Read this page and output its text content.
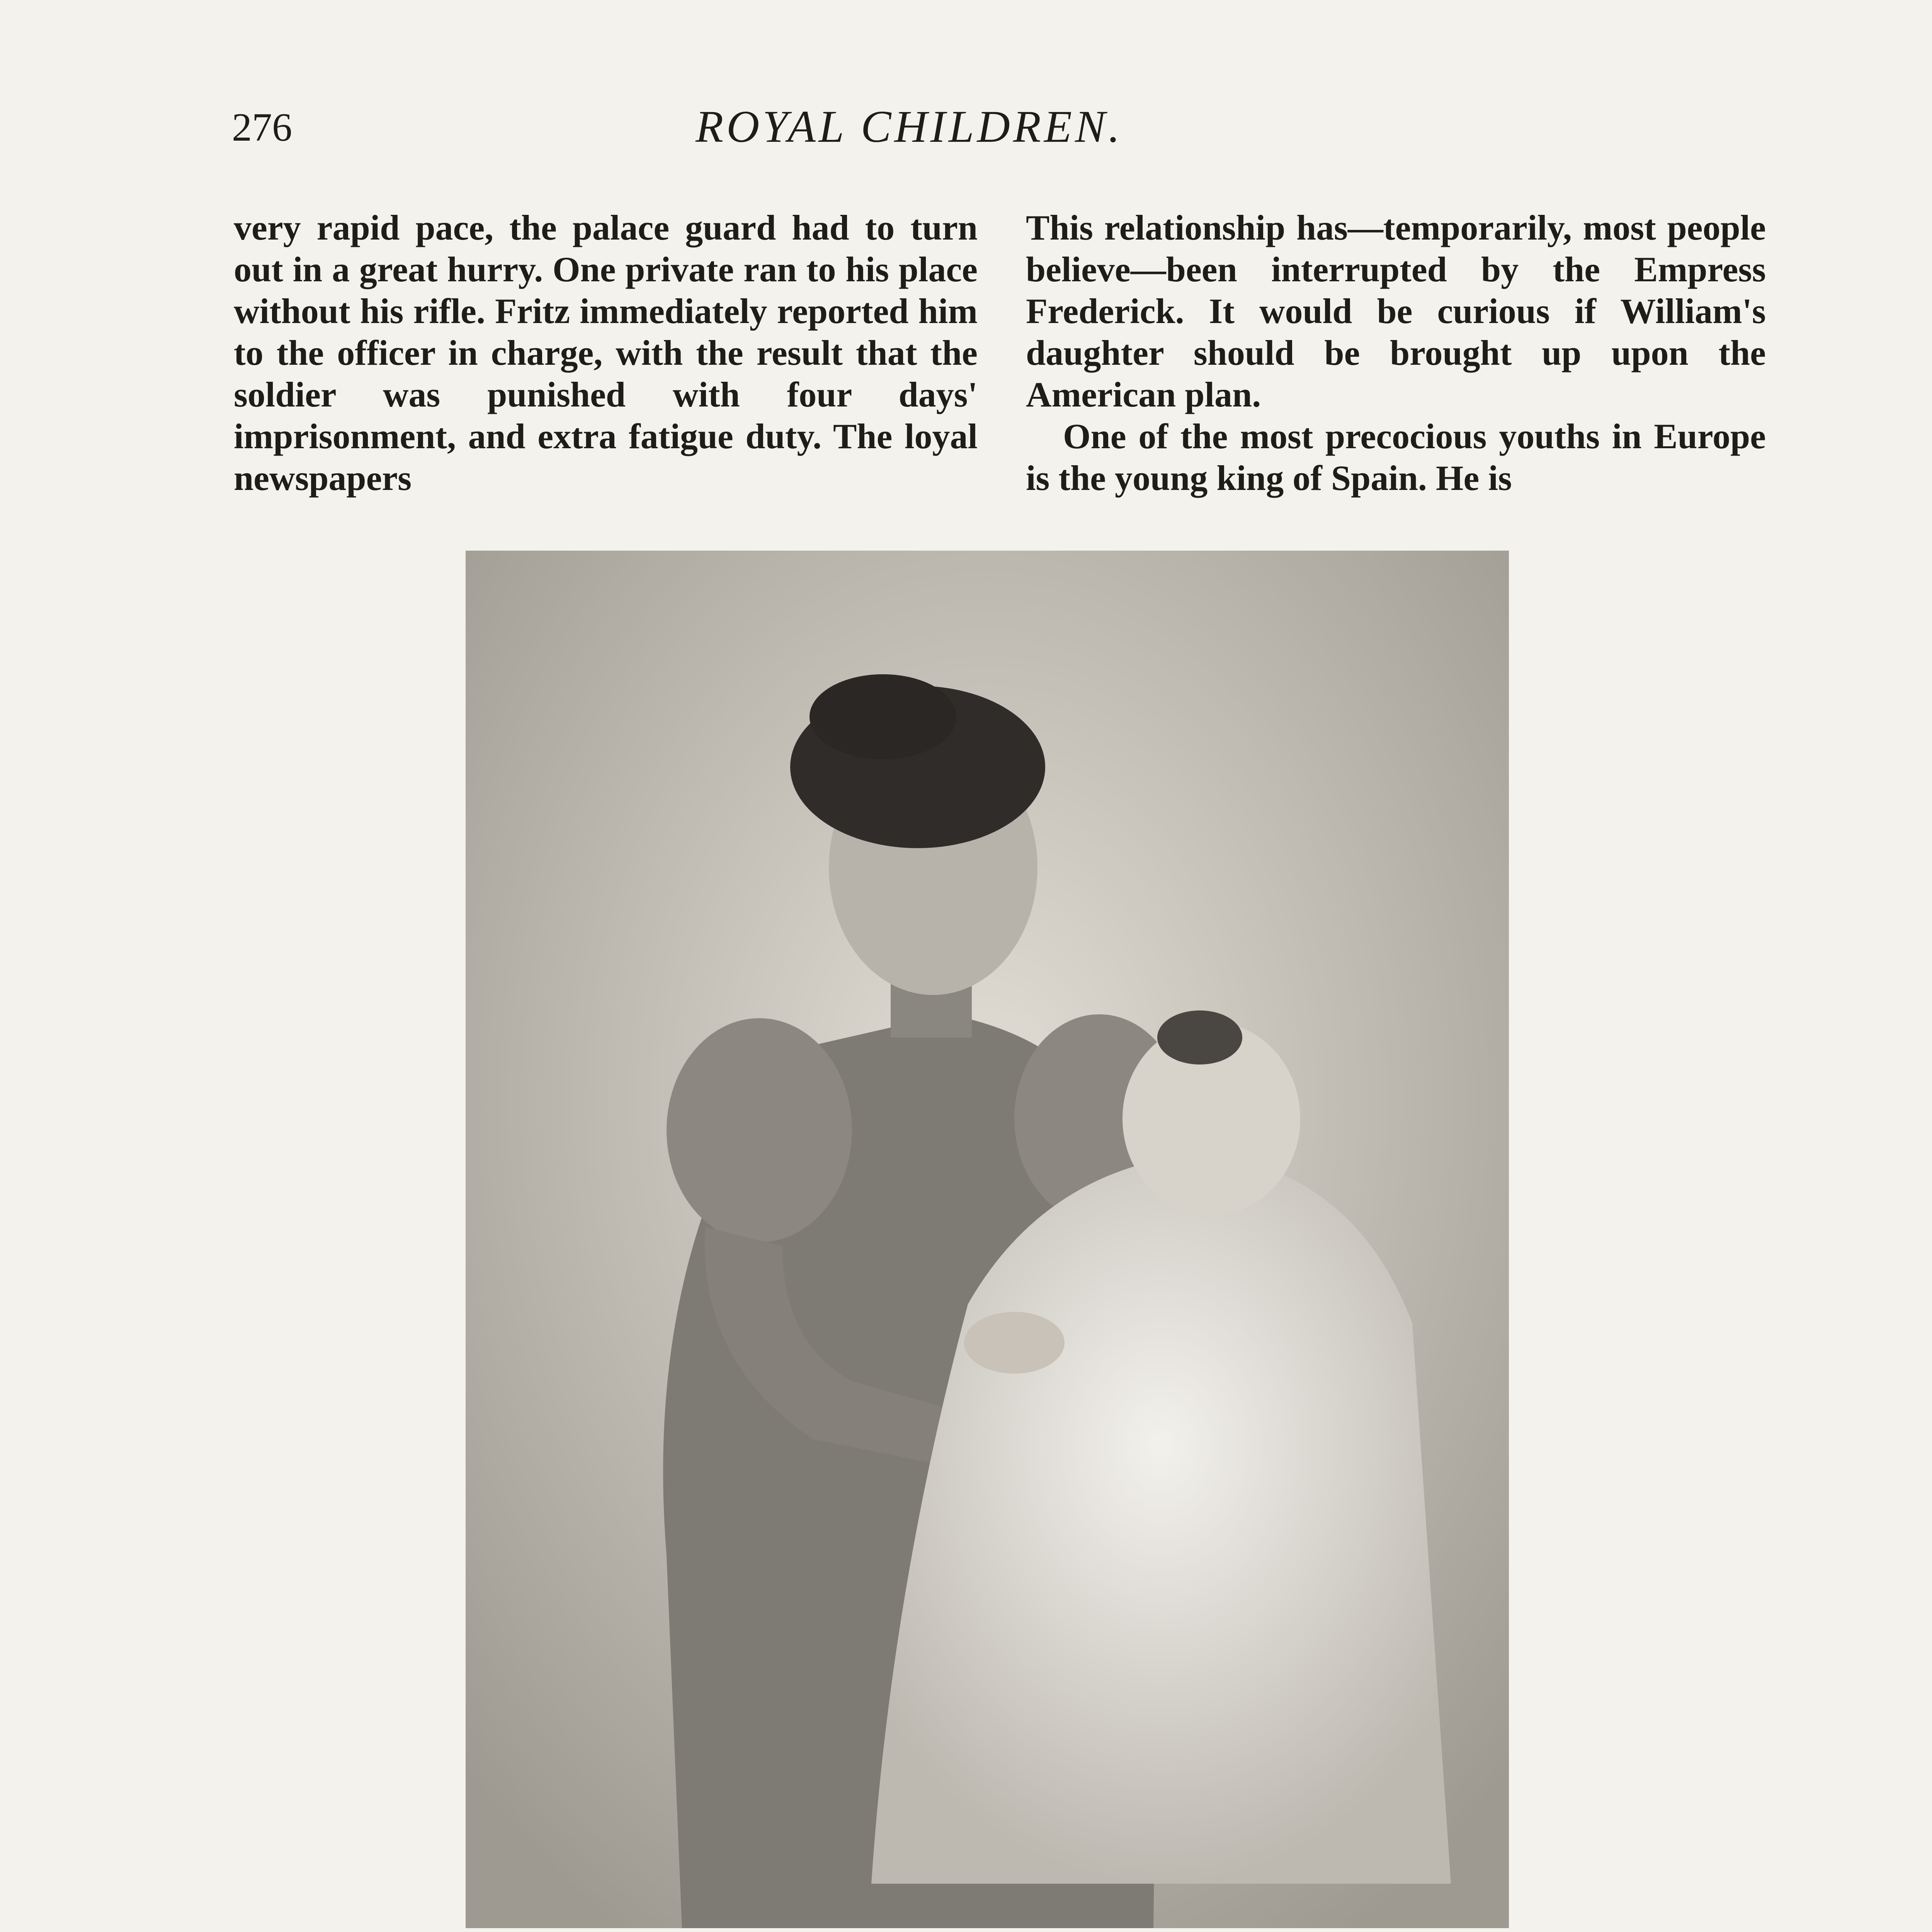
276	ROYAL CHILDREN.

very rapid pace, the palace guard had to turn out in a great hurry. One private ran to his place without his rifle. Fritz immediately reported him to the officer in charge, with the result that the soldier was punished with four days' imprisonment, and extra fatigue duty. The loyal newspapers

This relationship has—temporarily, most people believe—been interrupted by the Empress Frederick. It would be curious if William's daughter should be brought up upon the American plan.

One of the most precocious youths in Europe is the young king of Spain. He is
